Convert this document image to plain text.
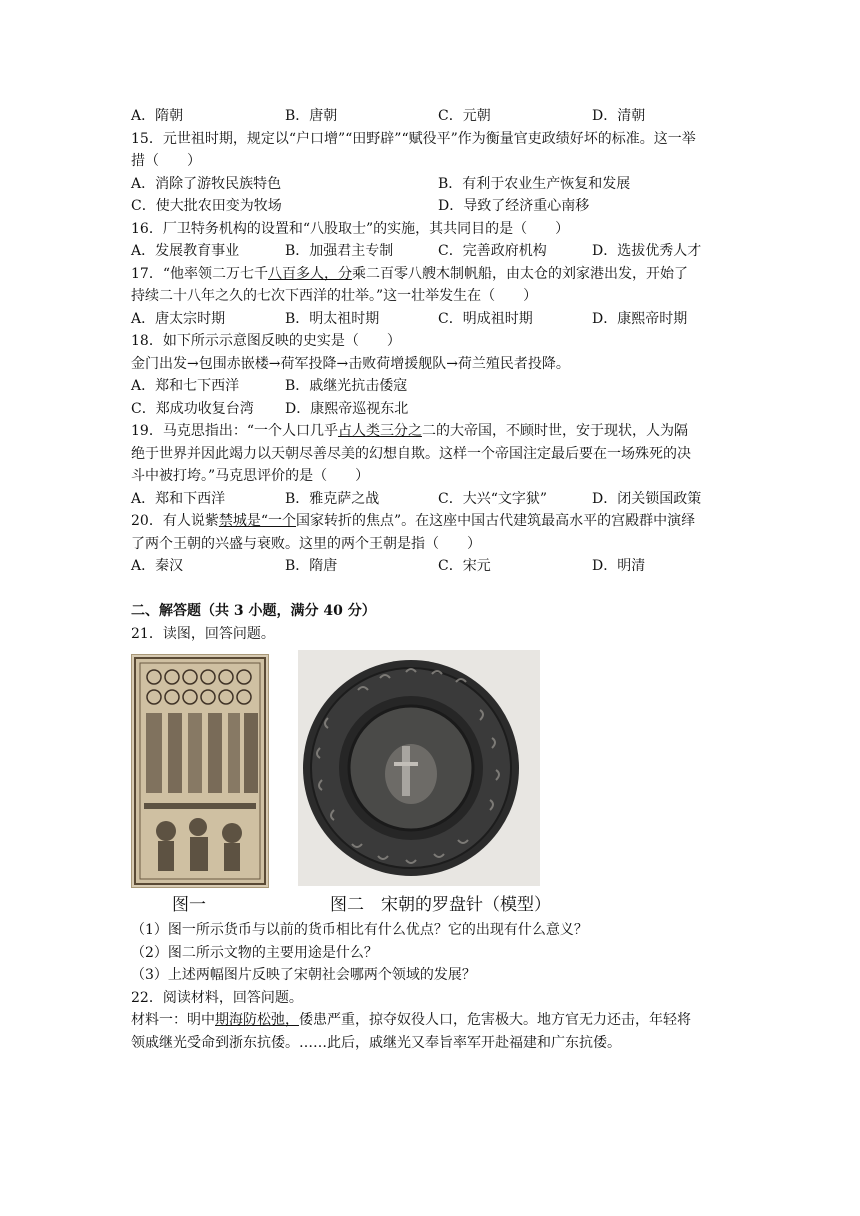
A．隋朝	B．唐朝	C．元朝	D．清朝
15．元世祖时期，规定以“户口增”“田野辟”“赋役平”作为衡量官吏政绩好坏的标准。这一举
措（　　）
A．消除了游牧民族特色	B．有利于农业生产恢复和发展
C．使大批农田变为牧场	D．导致了经济重心南移
16．厂卫特务机构的设置和“八股取士”的实施，其共同目的是（　　）
A．发展教育事业	B．加强君主专制	C．完善政府机构	D．选拔优秀人才
17．“他率领二万七千八百多人，分乘二百零八艘木制帆船，由太仓的刘家港出发，开始了
持续二十八年之久的七次下西洋的壮举。”这一壮举发生在（　　）
A．唐太宗时期	B．明太祖时期	C．明成祖时期	D．康熙帝时期
18．如下所示示意图反映的史实是（　　）
金门出发→包围赤嵌楼→荷军投降→击败荷增援舰队→荷兰殖民者投降。
A．郑和七下西洋	B．戚继光抗击倭寇
C．郑成功收复台湾 D．康熙帝巡视东北
19．马克思指出：“一个人口几乎占人类三分之二的大帝国，不顾时世，安于现状，人为隔
绝于世界并因此竭力以天朝尽善尽美的幻想自欺。这样一个帝国注定最后要在一场殊死的决
斗中被打垮。”马克思评价的是（　　）
A．郑和下西洋	B．雅克萨之战	C．大兴“文字狱”	D．闭关锁国政策
20．有人说紫禁城是“一个国家转折的焦点”。在这座中国古代建筑最高水平的宫殿群中演绎
了两个王朝的兴盛与衰败。这里的两个王朝是指（　　）
A．秦汉	B．隋唐	C．宋元	D．明清
二、解答题（共 3 小题，满分 40 分）
21．读图，回答问题。
图一	图二　宋朝的罗盘针（模型）
（1）图一所示货币与以前的货币相比有什么优点？它的出现有什么意义？
（2）图二所示文物的主要用途是什么？
（3）上述两幅图片反映了宋朝社会哪两个领域的发展？
22．阅读材料，回答问题。
材料一：明中期海防松弛，倭患严重，掠夺奴役人口，危害极大。地方官无力还击，年轻将
领戚继光受命到浙东抗倭。……此后，戚继光又奉旨率军开赴福建和广东抗倭。
